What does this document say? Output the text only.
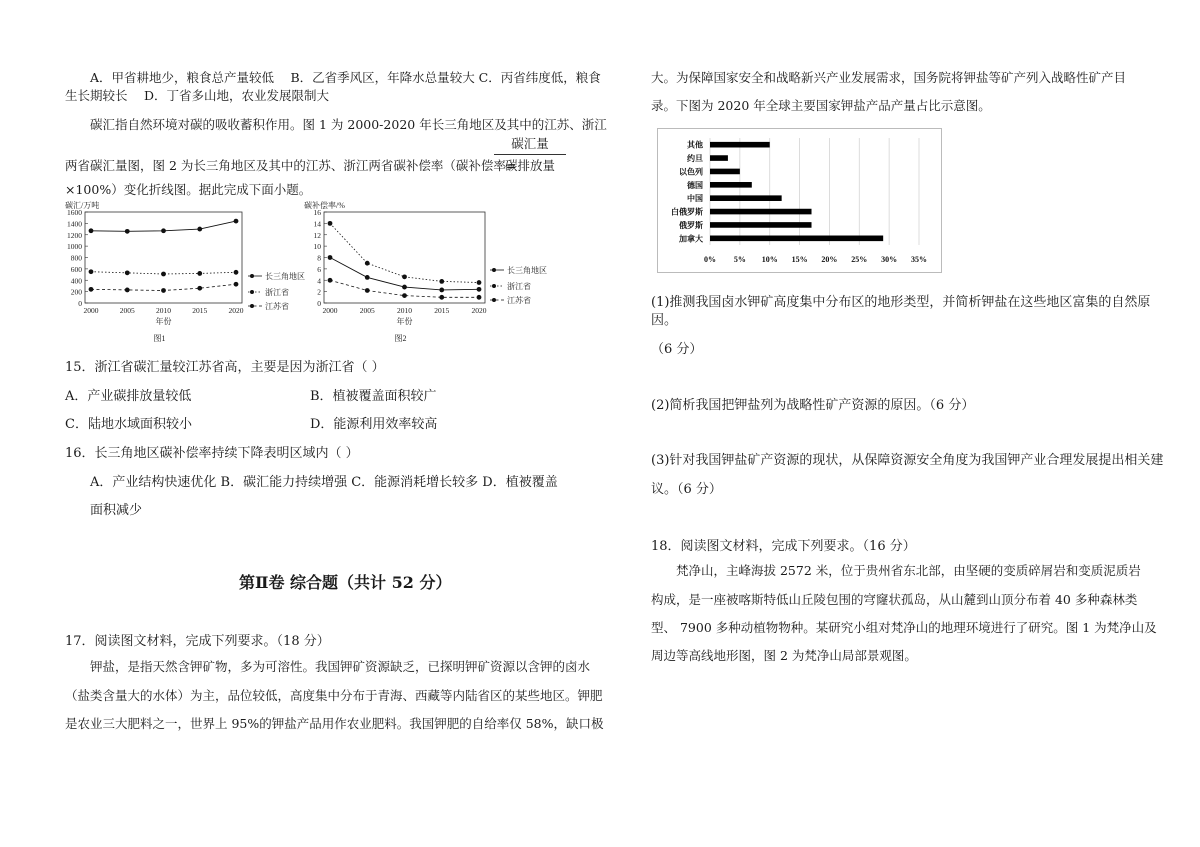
A．甲省耕地少，粮食总产量较低　 B．乙省季风区，年降水总量较大 C．丙省纬度低，粮食
生长期较长　 D．丁省多山地，农业发展限制大
碳汇指自然环境对碳的吸收蓄积作用。图 1 为 2000-2020 年长三角地区及其中的江苏、浙江
两省碳汇量图，图 2 为长三角地区及其中的江苏、浙江两省碳补偿率（碳补偿率=
碳汇量
碳排放量
×100%）变化折线图。据此完成下面小题。
0
200
400
600
800
1000
1200
1400
1600
2000	2005	2010	2015	2020
碳汇/万吨
年份
图1
长三角地区
浙江省
江苏省	0
2
4
6
8
10
12
14
16
2000	2005	2010	2015	2020
碳补偿率/%
年份
图2
长三角地区
浙江省
江苏省
15．浙江省碳汇量较江苏省高，主要是因为浙江省（ ）
A．产业碳排放量较低	B．植被覆盖面积较广
C．陆地水域面积较小	D．能源利用效率较高
16．长三角地区碳补偿率持续下降表明区域内（ ）
A．产业结构快速优化 B．碳汇能力持续增强 C．能源消耗增长较多 D．植被覆盖
面积减少
第Ⅱ卷 综合题（共计 52 分）
17．阅读图文材料，完成下列要求。（18 分）
钾盐，是指天然含钾矿物，多为可溶性。我国钾矿资源缺乏，已探明钾矿资源以含钾的卤水
（盐类含量大的水体）为主，品位较低，高度集中分布于青海、西藏等内陆省区的某些地区。钾肥
是农业三大肥料之一，世界上 95%的钾盐产品用作农业肥料。我国钾肥的自给率仅 58%，缺口极
大。为保障国家安全和战略新兴产业发展需求，国务院将钾盐等矿产列入战略性矿产目
录。下图为 2020 年全球主要国家钾盐产品产量占比示意图。
0% 5% 10% 15% 20% 25% 30% 35%
加拿大
俄罗斯
白俄罗斯
中国
德国
以色列
约旦
其他
(1)推测我国卤水钾矿高度集中分布区的地形类型，并简析钾盐在这些地区富集的自然原
因。
（6 分）
(2)简析我国把钾盐列为战略性矿产资源的原因。（6 分）
(3)针对我国钾盐矿产资源的现状，从保障资源安全角度为我国钾产业合理发展提出相关建
议。（6 分）
18．阅读图文材料，完成下列要求。（16 分）
梵净山，主峰海拔 2572 米，位于贵州省东北部，由坚硬的变质碎屑岩和变质泥质岩
构成，是一座被喀斯特低山丘陵包围的穹窿状孤岛，从山麓到山顶分布着 40 多种森林类
型、 7900 多种动植物物种。某研究小组对梵净山的地理环境进行了研究。图 1 为梵净山及
周边等高线地形图，图 2 为梵净山局部景观图。
